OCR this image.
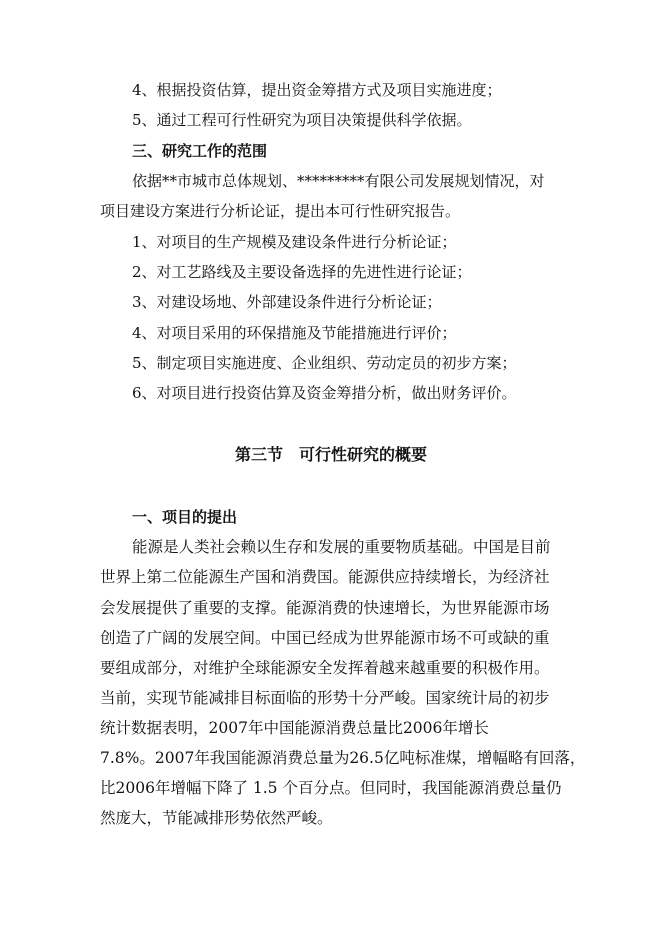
4、根据投资估算，提出资金筹措方式及项目实施进度；
5、通过工程可行性研究为项目决策提供科学依据。
三、研究工作的范围
依据**市城市总体规划、*********有限公司发展规划情况，对
项目建设方案进行分析论证，提出本可行性研究报告。
1、对项目的生产规模及建设条件进行分析论证；
2、对工艺路线及主要设备选择的先进性进行论证；
3、对建设场地、外部建设条件进行分析论证；
4、对项目采用的环保措施及节能措施进行评价；
5、制定项目实施进度、企业组织、劳动定员的初步方案；
6、对项目进行投资估算及资金筹措分析，做出财务评价。
第三节　可行性研究的概要
一、项目的提出
能源是人类社会赖以生存和发展的重要物质基础。中国是目前
世界上第二位能源生产国和消费国。能源供应持续增长，为经济社
会发展提供了重要的支撑。能源消费的快速增长，为世界能源市场
创造了广阔的发展空间。中国已经成为世界能源市场不可或缺的重
要组成部分，对维护全球能源安全发挥着越来越重要的积极作用。
当前，实现节能减排目标面临的形势十分严峻。国家统计局的初步
统计数据表明，2007年中国能源消费总量比2006年增长
7.8%。2007年我国能源消费总量为26.5亿吨标准煤，增幅略有回落，
比2006年增幅下降了 1.5 个百分点。但同时，我国能源消费总量仍
然庞大，节能减排形势依然严峻。
